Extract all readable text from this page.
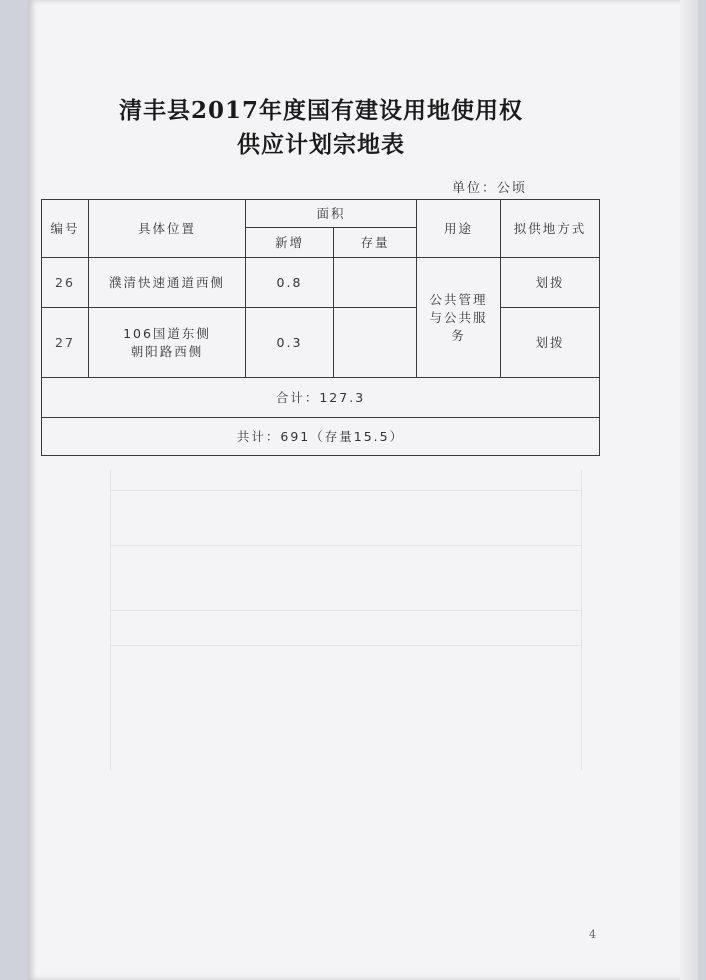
清丰县2017年度国有建设用地使用权
供应计划宗地表
单位：公顷
编号	具体位置	面积		用途	拟供地方式
		新增	存量		
26	濮清快速通道西侧	0.8		公共管理
与公共服
务	划拨
27	106国道东侧
朝阳路西侧	0.3			划拨
合计：127.3					
共计：691（存量15.5）					
4
